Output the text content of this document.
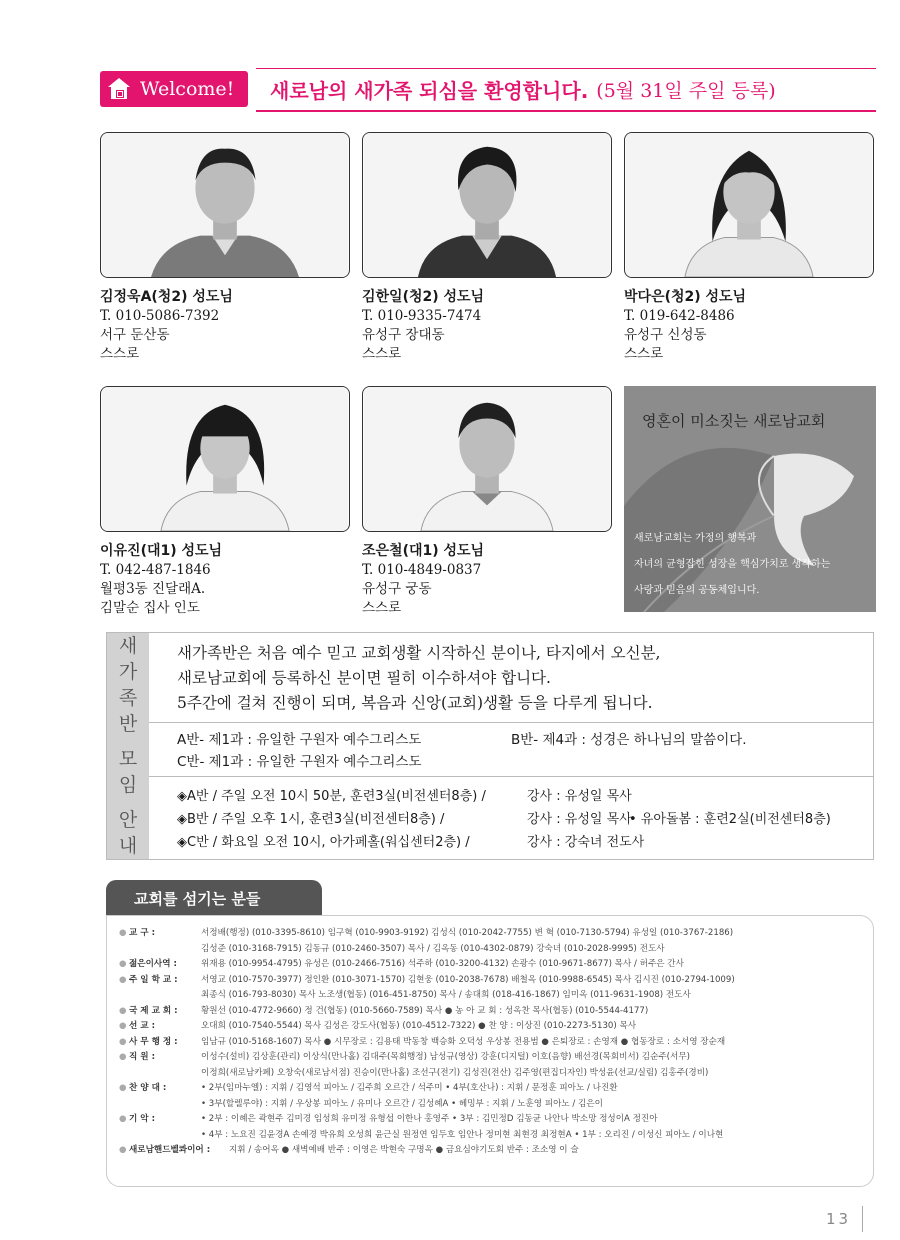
Welcome! 새로남의 새가족 되심을 환영합니다. (5월 31일 주일 등록)
김정욱A(청2) 성도님
T. 010-5086-7392
서구 둔산동
스스로
김한일(청2) 성도님
T. 010-9335-7474
유성구 장대동
스스로
박다은(청2) 성도님
T. 019-642-8486
유성구 신성동
스스로
이유진(대1) 성도님
T. 042-487-1846
월평3동 진달래A.
김말순 집사 인도
조은철(대1) 성도님
T. 010-4849-0837
유성구 궁동
스스로
영혼이 미소짓는 새로남교회
새로남교회는 가정의 행복과
자녀의 균형잡힌 성장을 핵심가치로 생각하는
사랑과 믿음의 공동체입니다.
새
가
족
반
모
임
안
내

새가족반은 처음 예수 믿고 교회생활 시작하신 분이나, 타지에서 오신분,

새로남교회에 등록하신 분이면 필히 이수하셔야 합니다.

5주간에 걸쳐 진행이 되며, 복음과 신앙(교회)생활 등을 다루게 됩니다.

A반- 제1과 : 유일한 구원자 예수그리스도	B반- 제4과 : 성경은 하나님의 말씀이다.

C반- 제1과 : 유일한 구원자 예수그리스도

◈A반 / 주일 오전 10시 50분, 훈련3실(비전센터8층) /	강사 : 유성일 목사

◈B반 / 주일 오후 1시, 훈련3실(비전센터8층) /	강사 : 유성일 목사
• 유아돌봄 : 훈련2실(비전센터8층)

◈C반 / 화요일 오전 10시, 아가페홀(워십센터2층) /	강사 : 강숙녀 전도사

교회를 섬기는 분들
● 교 구 :	서정배(행정) (010-3395-8610) 임구혁 (010-9903-9192) 김성식 (010-2042-7755) 변 혁 (010-7130-5794) 유성일 (010-3767-2186)
김성준 (010-3168-7915) 김동규 (010-2460-3507) 목사 / 김옥동 (010-4302-0879) 강숙녀 (010-2028-9995) 전도사
● 젊은이사역 :	위재용 (010-9954-4795) 유성은 (010-2466-7516) 석주하 (010-3200-4132) 손광수 (010-9671-8677) 목사 / 허주은 간사
● 주 일 학 교 :	서영교 (010-7570-3977) 정인환 (010-3071-1570) 김현웅 (010-2038-7678) 배철옥 (010-9988-6545) 목사 김시진 (010-2794-1009)
최종식 (016-793-8030) 목사 노조생(협동) (016-451-8750) 목사 / 송대희 (018-416-1867) 임미옥 (011-9631-1908) 전도사
● 국 제 교 회 :	황원선 (010-4772-9660) 정 건(협동) (010-5660-7589) 목사 ● 농 아 교 회 : 성옥찬 목사(협동) (010-5544-4177)
● 선 교 :	오대희 (010-7540-5544) 목사 김성은 강도사(협동) (010-4512-7322) ● 찬 양 : 이상진 (010-2273-5130) 목사
● 사 무 행 정 :	임남규 (010-5168-1607) 목사 ● 시무장로 : 김용태 박동창 백승화 오덕성 우상봉 전용범 ● 은퇴장로 : 손영재 ● 협동장로 : 소서영 장순재
● 직 원 :	이성수(설비) 김상훈(관리) 이상식(만나홀) 김대주(목회행정) 남성규(영상) 강훈(디지털) 이호(음향) 배선경(목회비서) 김순주(서무)
이정희(새로남카페) 오창숙(새로남서점) 진승이(만나홀) 조선구(전기) 김성진(전산) 김주영(편집디자인) 박성윤(선교/실림) 김홍주(경비)
● 찬 양 대 :	• 2부(임마누엘) : 지휘 / 김영석 피아노 / 김주희 오르간 / 석주미 • 4부(호산나) : 지휘 / 문정훈 피아노 / 나진환
• 3부(할렐루야) : 지휘 / 우상봉 피아노 / 유미나 오르간 / 김성혜A • 헤밍부 : 지휘 / 노훈영 피아노 / 김은이
● 기 악 :	• 2부 : 이혜은 곽현주 김미경 임성희 유미정 유형섭 이한나 홍영주 • 3부 : 김민정D 김동균 나안나 박소망 정성이A 정진아
• 4부 : 노요진 김윤경A 손예경 박유희 오성희 윤근실 원정연 임두호 임안나 정미현 최현경 최정현A • 1부 : 오리진 / 이성신 피아노 / 이나현
● 새로남핸드벨콰이어 :	지휘 / 송어옥 ● 새벽예배 반주 : 이영은 박현숙 구명옥 ● 금요심야기도회 반주 : 조소영 이 슬
13
